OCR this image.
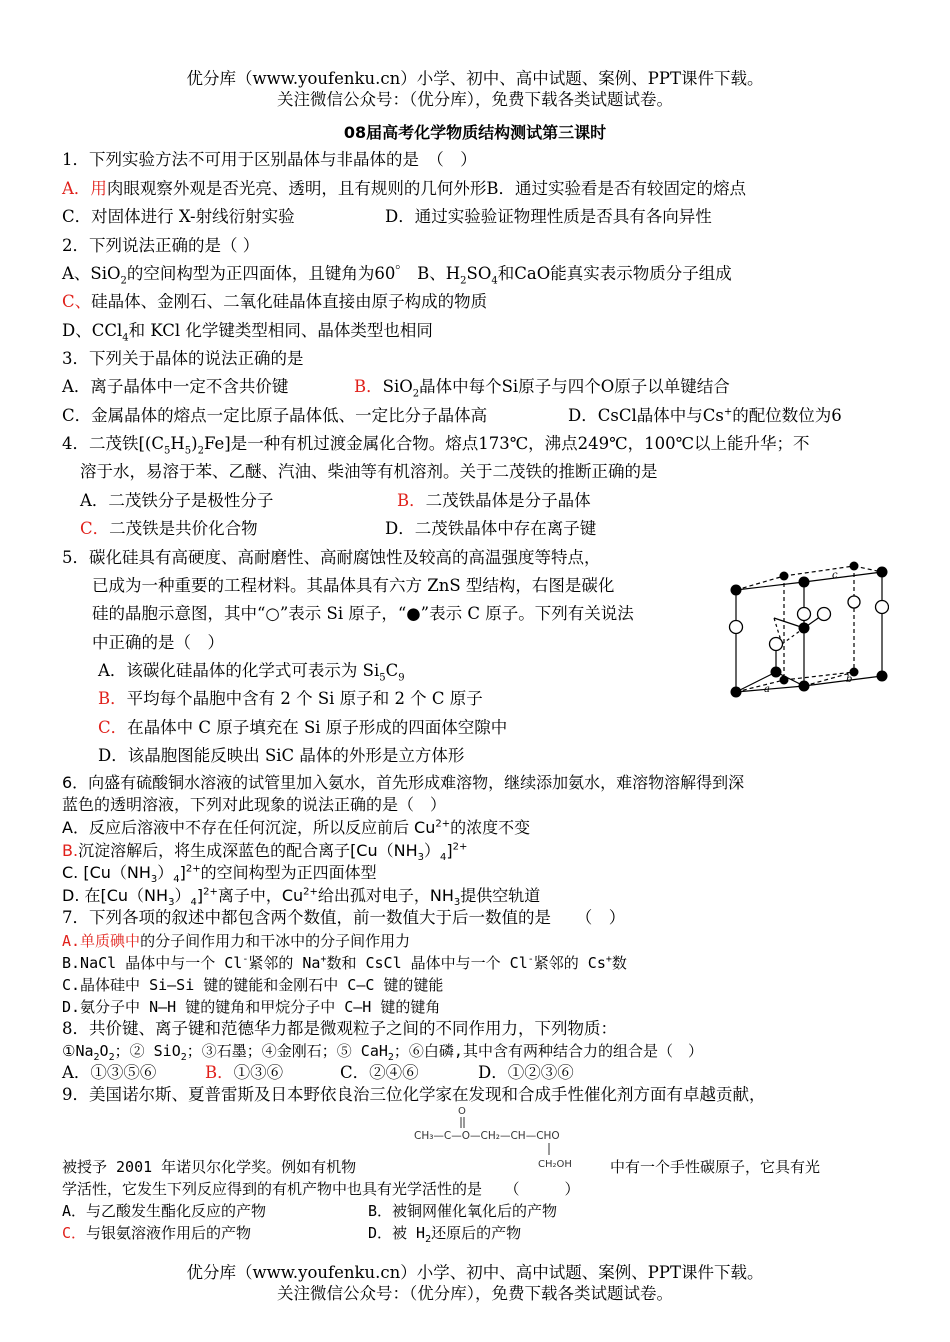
优分库（www.youfenku.cn）小学、初中、高中试题、案例、PPT课件下载。
关注微信公众号：（优分库），免费下载各类试题试卷。
08届高考化学物质结构测试第三课时
1．下列实验方法不可用于区别晶体与非晶体的是　（　）
A．用肉眼观察外观是否光亮、透明，且有规则的几何外形B．通过实验看是否有较固定的熔点
C．对固体进行 X-射线衍射实验	D．通过实验验证物理性质是否具有各向异性
2．下列说法正确的是（ ）
A、SiO$_2$的空间构型为正四面体，且键角为60゜ B、$H_2SO_4$和CaO能真实表示物质分子组成
C、硅晶体、金刚石、二氧化硅晶体直接由原子构成的物质
D、CCl$_4$和 KCl 化学键类型相同、晶体类型也相同
3．下列关于晶体的说法正确的是
A．离子晶体中一定不含共价键	B．SiO$_2$晶体中每个Si原子与四个O原子以单键结合
C．金属晶体的熔点一定比原子晶体低、一定比分子晶体高	D．CsCl晶体中与Cs+的配位数位为6
4．二茂铁$[(C_5H_5)_2Fe]$是一种有机过渡金属化合物。熔点173℃，沸点249℃，100℃以上能升华；不
溶于水，易溶于苯、乙醚、汽油、柴油等有机溶剂。关于二茂铁的推断正确的是
A．二茂铁分子是极性分子	B．二茂铁晶体是分子晶体
C．二茂铁是共价化合物	D．二茂铁晶体中存在离子键
5．碳化硅具有高硬度、高耐磨性、高耐腐蚀性及较高的高温强度等特点，
已成为一种重要的工程材料。其晶体具有六方 ZnS 型结构，右图是碳化
硅的晶胞示意图，其中“○”表示 Si 原子，“●”表示 C 原子。下列有关说法
中正确的是（　）
A．该碳化硅晶体的化学式可表示为 $Si_5C_9$
B．平均每个晶胞中含有 2 个 Si 原子和 2 个 C 原子
C．在晶体中 C 原子填充在 Si 原子形成的四面体空隙中
D．该晶胞图能反映出 SiC 晶体的外形是立方体形
c
a
b
6．向盛有硫酸铜水溶液的试管里加入氨水，首先形成难溶物，继续添加氨水，难溶物溶解得到深
蓝色的透明溶液，下列对此现象的说法正确的是（　）
A．反应后溶液中不存在任何沉淀，所以反应前后 $Cu^{2+}$的浓度不变
B.沉淀溶解后，将生成深蓝色的配合离子$[Cu(NH_3)_4]^{2+}$
C. $[Cu(NH_3)_4]^{2+}$的空间构型为正四面体型
D. 在$[Cu(NH_3)_4]^{2+}$离子中，$Cu^{2+}$给出孤对电子，$NH_3$提供空轨道
7．下列各项的叙述中都包含两个数值，前一数值大于后一数值的是　　（　）
A.单质碘中的分子间作用力和干冰中的分子间作用力
B.NaCl 晶体中与一个 Cl-紧邻的 Na+数和 CsCl 晶体中与一个 Cl-紧邻的 Cs+数
C.晶体硅中 Si—Si 键的键能和金刚石中 C—C 键的键能
D.氨分子中 N—H 键的键角和甲烷分子中 C—H 键的键角
8．共价键、离子键和范德华力都是微观粒子之间的不同作用力，下列物质：
$①Na_2O_2$；② SiO$_2$；③石墨；④金刚石；⑤ CaH$_2$；⑥白磷,其中含有两种结合力的组合是（　）
A．①③⑤⑥	B．①③⑥	C．②④⑥	D．①②③⑥
9．美国诺尔斯、夏普雷斯及日本野依良治三位化学家在发现和合成手性催化剂方面有卓越贡献，
O
CH₃—C—O—CH₂—CH—CHO
CH₂OH
被授予 2001 年诺贝尔化学奖。例如有机物	中有一个手性碳原子，它具有光
学活性，它发生下列反应得到的有机产物中也具有光学活性的是　　（　　　）
A．与乙酸发生酯化反应的产物	B．被铜网催化氧化后的产物
C．与银氨溶液作用后的产物	D．被 $H_2$还原后的产物
优分库（www.youfenku.cn）小学、初中、高中试题、案例、PPT课件下载。
关注微信公众号：（优分库），免费下载各类试题试卷。
